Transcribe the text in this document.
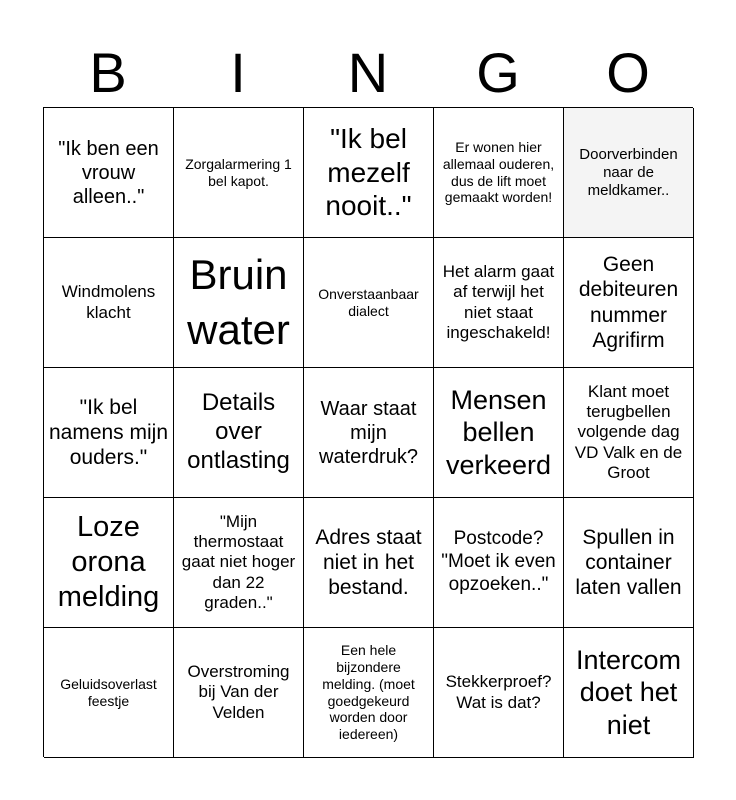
B	I	N	G	O
"Ik ben een vrouw alleen.."
Zorgalarmering 1 bel kapot.
"Ik bel mezelf nooit.."
Er wonen hier allemaal ouderen, dus de lift moet gemaakt worden!
Doorverbinden naar de meldkamer..
Windmolens klacht
Bruin water
Onverstaanbaar dialect
Het alarm gaat af terwijl het niet staat ingeschakeld!
Geen debiteuren nummer Agrifirm
"Ik bel namens mijn ouders."
Details over ontlasting
Waar staat mijn waterdruk?
Mensen bellen verkeerd
Klant moet terugbellen volgende dag VD Valk en de Groot
Loze orona melding
"Mijn thermostaat gaat niet hoger dan 22 graden.."
Adres staat niet in het bestand.
Postcode? "Moet ik even opzoeken.."
Spullen in container laten vallen
Geluidsoverlast feestje
Overstroming bij Van der Velden
Een hele bijzondere melding. (moet goedgekeurd worden door iedereen)
Stekkerproef? Wat is dat?
Intercom doet het niet
